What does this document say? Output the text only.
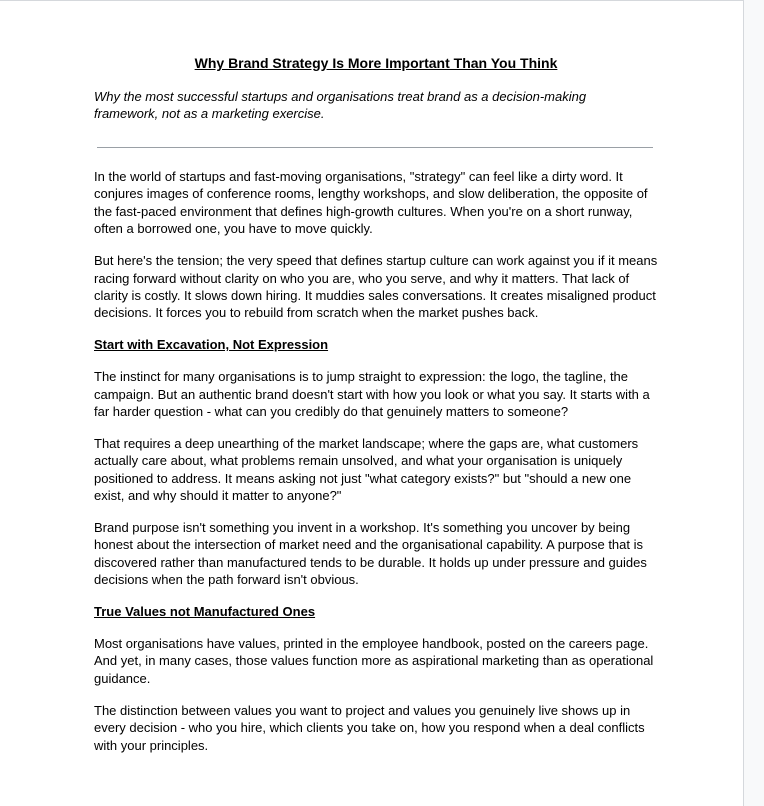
Why Brand Strategy Is More Important Than You Think

Why the most successful startups and organisations treat brand as a decision-making framework, not as a marketing exercise.

In the world of startups and fast-moving organisations, "strategy" can feel like a dirty word. It conjures images of conference rooms, lengthy workshops, and slow deliberation, the opposite of the fast-paced environment that defines high-growth cultures. When you're on a short runway, often a borrowed one, you have to move quickly.

But here's the tension; the very speed that defines startup culture can work against you if it means racing forward without clarity on who you are, who you serve, and why it matters. That lack of clarity is costly. It slows down hiring. It muddies sales conversations. It creates misaligned product decisions. It forces you to rebuild from scratch when the market pushes back.

Start with Excavation, Not Expression

The instinct for many organisations is to jump straight to expression: the logo, the tagline, the campaign. But an authentic brand doesn't start with how you look or what you say. It starts with a far harder question - what can you credibly do that genuinely matters to someone?

That requires a deep unearthing of the market landscape; where the gaps are, what customers actually care about, what problems remain unsolved, and what your organisation is uniquely positioned to address. It means asking not just "what category exists?" but "should a new one exist, and why should it matter to anyone?"

Brand purpose isn't something you invent in a workshop. It's something you uncover by being honest about the intersection of market need and the organisational capability. A purpose that is discovered rather than manufactured tends to be durable. It holds up under pressure and guides decisions when the path forward isn't obvious.

True Values not Manufactured Ones

Most organisations have values, printed in the employee handbook, posted on the careers page. And yet, in many cases, those values function more as aspirational marketing than as operational guidance.

The distinction between values you want to project and values you genuinely live shows up in every decision - who you hire, which clients you take on, how you respond when a deal conflicts with your principles.
